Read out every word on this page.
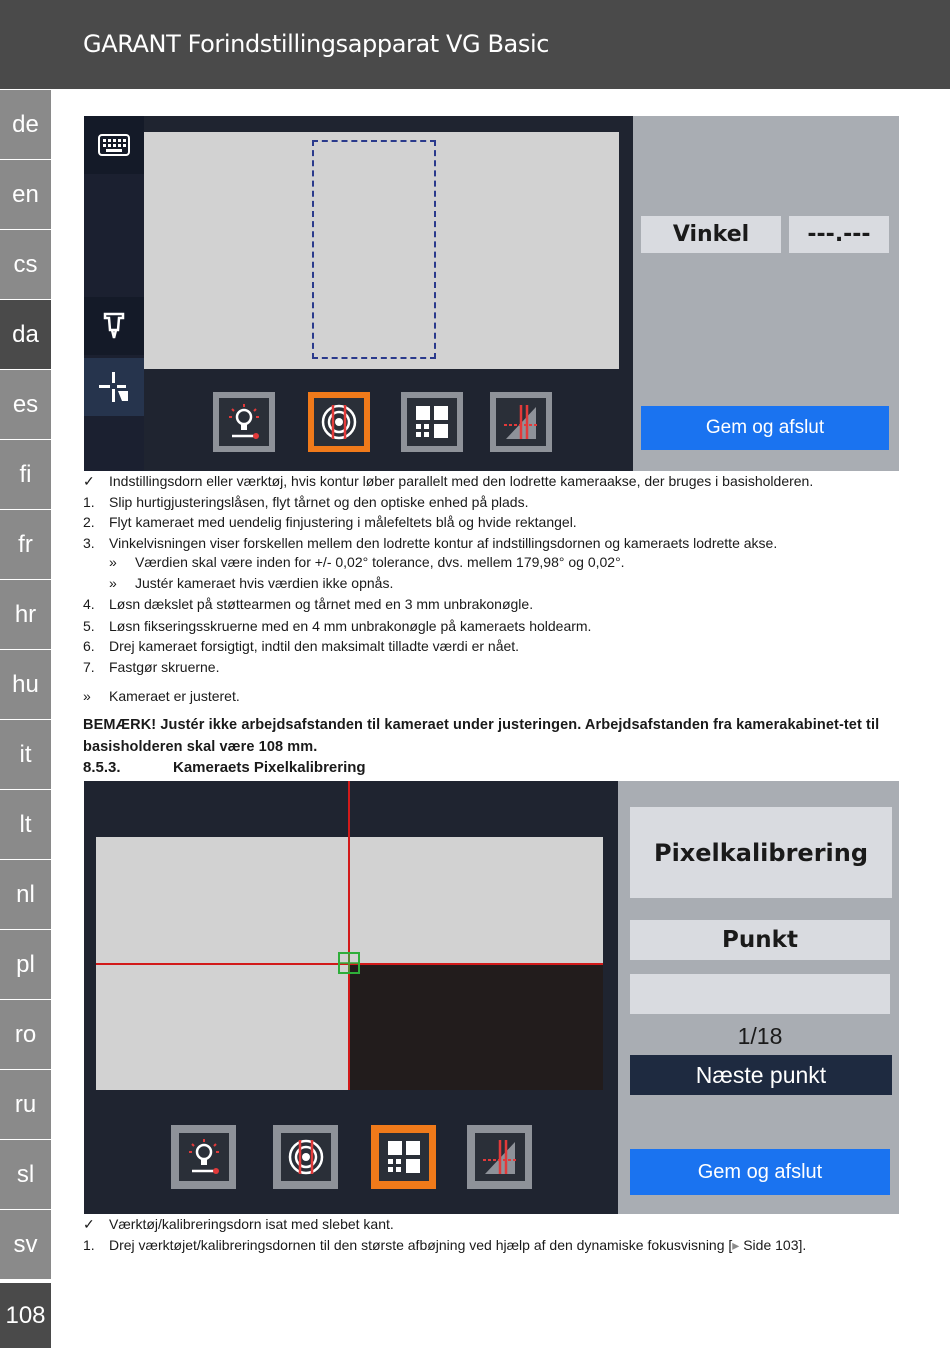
GARANT Forindstillingsapparat VG Basic
de
en
cs
da
es
fi
fr
hr
hu
it
lt
nl
pl
ro
ru
sl
sv
108
Vinkel	---.---
Gem og afslut
✓	Indstillingsdorn eller værktøj, hvis kontur løber parallelt med den lodrette kameraakse, der bruges i basisholderen.
1.	Slip hurtigjusteringslåsen, flyt tårnet og den optiske enhed på plads.
2.	Flyt kameraet med uendelig finjustering i målefeltets blå og hvide rektangel.
3.	Vinkelvisningen viser forskellen mellem den lodrette kontur af indstillingsdornen og kameraets lodrette akse.
»	Værdien skal være inden for +/- 0,02° tolerance, dvs. mellem 179,98° og 0,02°.
»	Justér kameraet hvis værdien ikke opnås.
4.	Løsn dækslet på støttearmen og tårnet med en 3 mm unbrakonøgle.
5.	Løsn fikseringsskruerne med en 4 mm unbrakonøgle på kameraets holdearm.
6.	Drej kameraet forsigtigt, indtil den maksimalt tilladte værdi er nået.
7.	Fastgør skruerne.
»	Kameraet er justeret.
BEMÆRK! Justér ikke arbejdsafstanden til kameraet under justeringen. Arbejdsafstanden fra kamerakabinet-tet til basisholderen skal være 108 mm.
8.5.3.	Kameraets Pixelkalibrering
Pixelkalibrering
Punkt
1/18
Næste punkt
Gem og afslut
✓	Værktøj/kalibreringsdorn isat med slebet kant.
1.	Drej værktøjet/kalibreringsdornen til den største afbøjning ved hjælp af den dynamiske fokusvisning [▸ Side 103].
